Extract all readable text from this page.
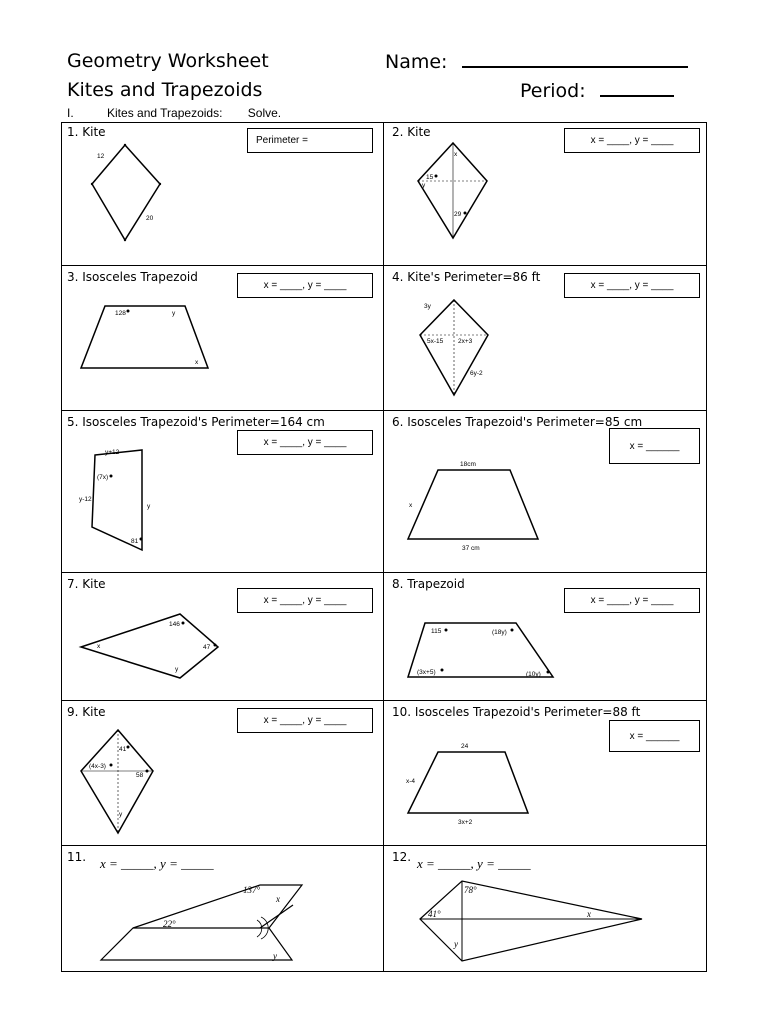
Geometry Worksheet
Kites and Trapezoids
Name:
Period:
I.	Kites and Trapezoids: Solve.
1. Kite
Perimeter =
12
20
2. Kite
x = ____, y = ____
x
15
y
29
3. Isosceles Trapezoid
x = ____, y = ____
128	y
x
4. Kite's Perimeter=86 ft
x = ____, y = ____
3y
5x-15 2x+3
6y-2
5. Isosceles Trapezoid's Perimeter=164 cm
x = ____, y = ____
y+12
(7x)
y-12
y
81
6. Isosceles Trapezoid's Perimeter=85 cm
x = ______
18cm
x
37 cm
7. Kite
x = ____, y = ____
146
x	47
y
8. Trapezoid
x = ____, y = ____
115	(18y)
(3x+5)	(10y)
9. Kite
x = ____, y = ____
41
(4x-3)
58
y
10. Isosceles Trapezoid's Perimeter=88 ft
x = ______
24
x-4
3x+2
11. x = _____, y = _____
137°
x
22°
y
12. x = _____, y = _____
78°
41°	x
y
